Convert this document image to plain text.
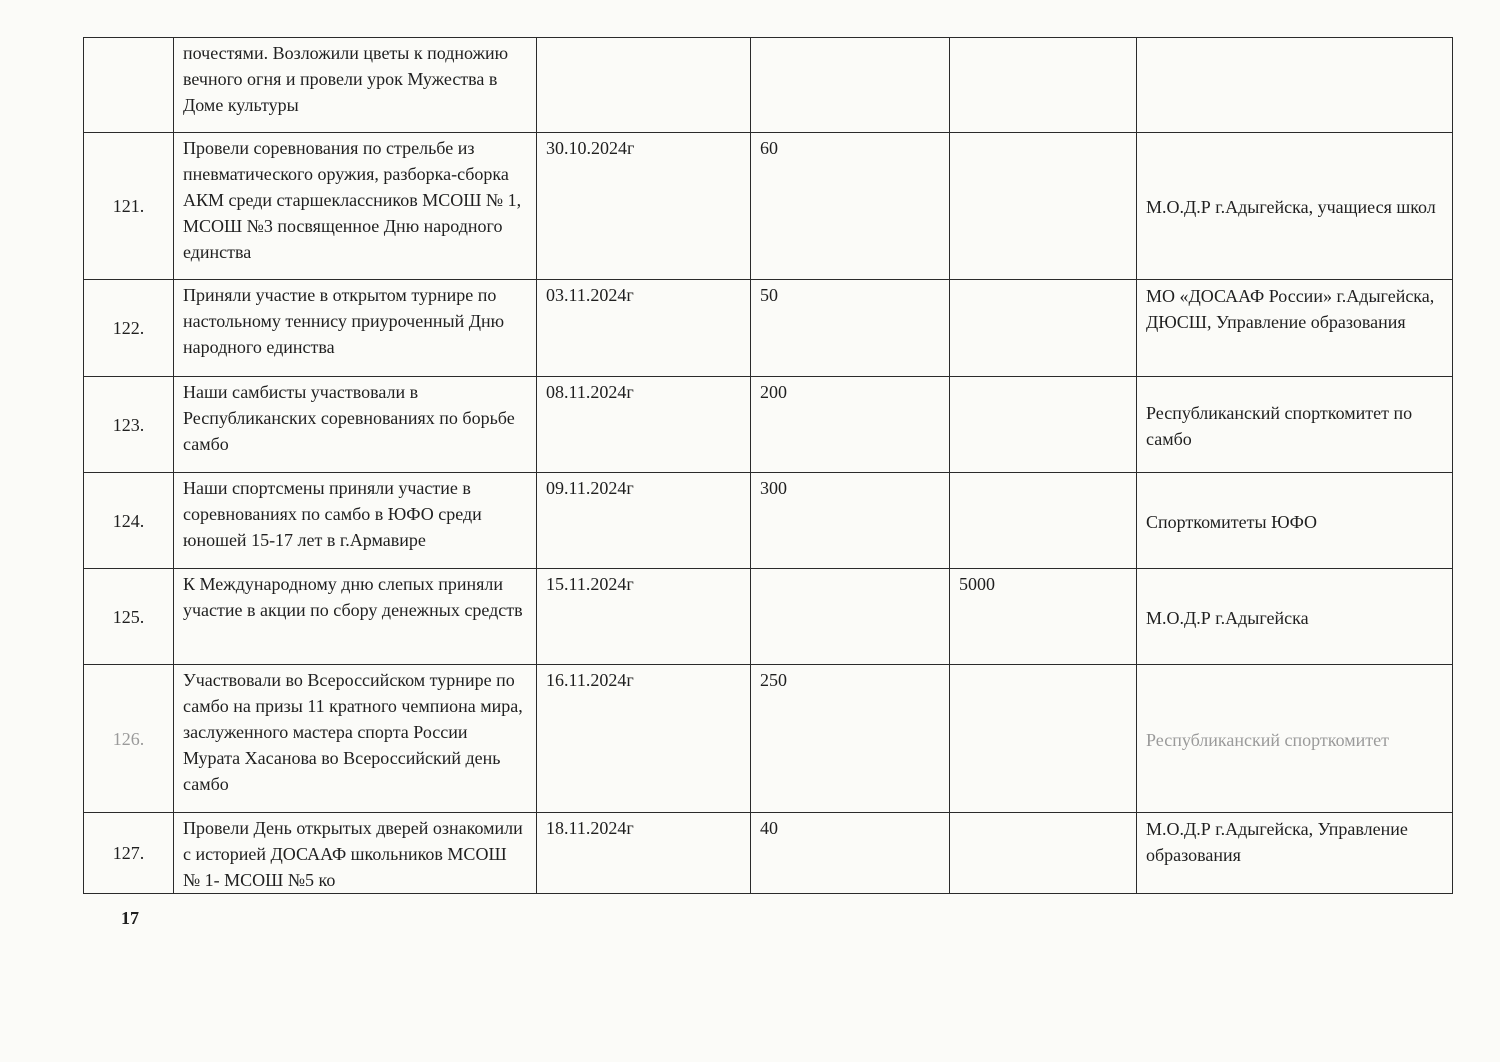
	почестями. Возложили цветы к подножию вечного огня и провели урок Мужества в Доме культуры				
121.	Провели соревнования по стрельбе из пневматического оружия, разборка-сборка АКМ среди старшеклассников МСОШ № 1, МСОШ №3 посвященное Дню народного единства	30.10.2024г	60		М.О.Д.Р г.Адыгейска, учащиеся школ
122.	Приняли участие в открытом турнире по настольному теннису приуроченный Дню народного единства	03.11.2024г	50		МО «ДОСААФ России» г.Адыгейска, ДЮСШ, Управление образования
123.	Наши самбисты участвовали в Республиканских соревнованиях по борьбе самбо	08.11.2024г	200		Республиканский спорткомитет по самбо
124.	Наши спортсмены приняли участие в соревнованиях по самбо в ЮФО среди юношей 15-17 лет в г.Армавире	09.11.2024г	300		Спорткомитеты ЮФО
125.	К Международному дню слепых приняли участие в акции по сбору денежных средств	15.11.2024г		5000	М.О.Д.Р г.Адыгейска
126.	Участвовали во Всероссийском турнире по самбо на призы 11 кратного чемпиона мира, заслуженного мастера спорта России Мурата Хасанова во Всероссийский день самбо	16.11.2024г	250		Республиканский спорткомитет
127.	Провели День открытых дверей ознакомили с историей ДОСААФ школьников МСОШ № 1- МСОШ №5 ко	18.11.2024г	40		М.О.Д.Р г.Адыгейска, Управление образования
17
